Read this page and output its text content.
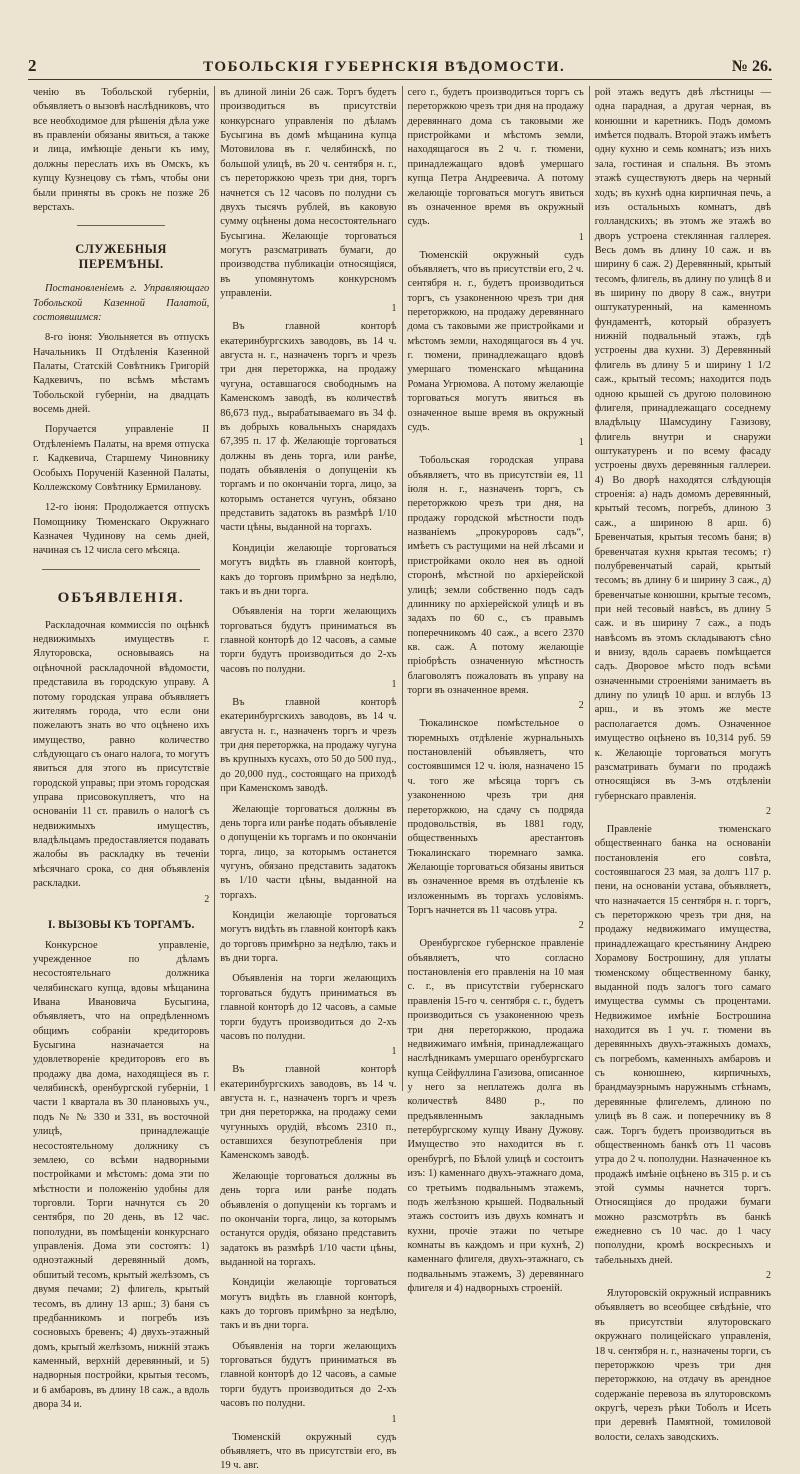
2	ТОБОЛЬСКІЯ ГУБЕРНСКІЯ ВѢДОМОСТИ.	№ 26.

ченію въ Тобольской губерніи, объявляетъ о вызовѣ наслѣдниковъ, что все необходимое для рѣшенія дѣла уже въ правленіи обязаны явиться, а также и лица, имѣющіе деньги къ иму, должны переслать ихъ въ Омскъ, къ купцу Кузнецову съ тѣмъ, чтобы они были приняты въ срокъ не позже 26 верстахъ.

СЛУЖЕБНЫЯ ПЕРЕМѢНЫ.

Постановленіемъ г. Управляющаго Тобольской Казенной Палатой, состоявшимся:

8-го іюня: Увольняется въ отпускъ Начальникъ II Отдѣленія Казенной Палаты, Статскій Совѣтникъ Григорій Кадкевичъ, по всѣмъ мѣстамъ Тобольской губерніи, на двадцать восемь дней.

Поручается управленіе II Отдѣленіемъ Палаты, на время отпуска г. Кадкевича, Старшему Чиновнику Особыхъ Порученій Казенной Палаты, Коллежскому Совѣтнику Ермиланову.

12-го іюня: Продолжается отпускъ Помощнику Тюменскаго Окружнаго Казначея Чудинову на семь дней, начиная съ 12 числа сего мѣсяца.

ОБЪЯВЛЕНІЯ.

Раскладочная коммиссія по оцѣнкѣ недвижимыхъ имуществъ г. Ялуторовска, основываясь на оцѣночной раскладочной вѣдомости, представила въ городскую управу. А потому городская управа объявляетъ жителямъ города, что если они пожелаютъ знать во что оцѣнено ихъ имущество, равно количество слѣдующаго съ онаго налога, то могутъ явиться для этого въ присутствіе городской управы; при этомъ городская управа присовокупляетъ, что на основаніи 11 ст. правилъ о налогѣ съ недвижимыхъ имуществъ, владѣльцамъ предоставляется подавать жалобы въ раскладку въ теченіи мѣсячнаго срока, со дня объявленія раскладки.

2
I. ВЫЗОВЫ КЪ ТОРГАМЪ.

Конкурсное управленіе, учрежденное по дѣламъ несостоятельнаго должника челябинскаго купца, вдовы мѣщанина Ивана Ивановича Бусыгина, объявляетъ, что на опредѣленномъ общимъ собраніи кредиторовъ Бусыгина назначается на удовлетвореніе кредиторовъ его въ продажу два дома, находящіеся въ г. челябинскѣ, оренбургской губерніи, 1 части 1 квартала въ 30 плановыхъ уч., подъ № № 330 и 331, въ восточной улицѣ, принадлежащіе несостоятельному должнику съ землею, со всѣми надворными постройками и мѣстомъ: дома эти по мѣстности и положенію удобны для торговли. Торги начнутся съ 20 сентября, по 20 день, въ 12 час. пополудни, въ помѣщеніи конкурснаго управленія. Дома эти состоятъ: 1) одноэтажный деревянный домъ, обшитый тесомъ, крытый желѣзомъ, съ двумя печами; 2) флигель, крытый тесомъ, въ длину 13 арш.; 3) баня съ предбанникомъ и погребъ изъ сосновыхъ бревенъ; 4) двухъ-этажный домъ, крытый желѣзомъ, нижній этажъ каменный, верхній деревянный, и 5) надворныя постройки, крытыя тесомъ, и 6 амбаровъ, въ длину 18 саж., а вдоль двора 34 и.

въ длиной линіи 26 саж. Торгъ будетъ производиться въ присутствіи конкурснаго управленія по дѣламъ Бусыгина въ домѣ мѣщанина купца Мотовилова въ г. челябинскѣ, по большой улицѣ, въ 20 ч. сентября н. г., съ переторжкою чрезъ три дня, торгъ начнется съ 12 часовъ по полудни съ двухъ тысячъ рублей, въ каковую сумму оцѣнены дома несостоятельнаго Бусыгина. Желающіе торговаться могутъ разсматривать бумаги, до производства публикаціи относящіяся, въ упомянутомъ конкурсномъ управленіи.

1

Въ главной конторѣ екатеринбургскихъ заводовъ, въ 14 ч. августа н. г., назначенъ торгъ и чрезъ три дня переторжка, на продажу чугуна, оставшагося свободнымъ на Каменскомъ заводѣ, въ количествѣ 86,673 пуд., вырабатываемаго въ 34 ф. въ добрыхъ ковальныхъ снарядахъ 67,395 п. 17 ф. Желающіе торговаться должны въ день торга, или ранѣе, подать объявленія о допущеніи къ торгамъ и по окончаніи торга, лицо, за которымъ останется чугунъ, обязано представить задатокъ въ размѣрѣ 1/10 части цѣны, выданной на торгахъ.

Кондиціи желающіе торговаться могутъ видѣть въ главной конторѣ, какъ до торговъ примѣрно за недѣлю, такъ и въ дни торга.

Объявленія на торги желающихъ торговаться будутъ приниматься въ главной конторѣ до 12 часовъ, а самые торги будутъ производиться до 2-хъ часовъ по полудни.

1

Въ главной конторѣ екатеринбургскихъ заводовъ, въ 14 ч. августа н. г., назначенъ торгъ и чрезъ три дня переторжка, на продажу чугуна въ крупныхъ кусахъ, ото 50 до 500 пуд., до 20,000 пуд., состоящаго на приходѣ при Каменскомъ заводѣ.

Желающіе торговаться должны въ день торга или ранѣе подать объявленіе о допущеніи къ торгамъ и по окончаніи торга, лицо, за которымъ останется чугунъ, обязано представить задатокъ въ 1/10 части цѣны, выданной на торгахъ.

Кондиціи желающіе торговаться могутъ видѣть въ главной конторѣ какъ до торговъ примѣрно за недѣлю, такъ и въ дни торга.

Объявленія на торги желающихъ торговаться будутъ приниматься въ главной конторѣ до 12 часовъ, а самые торги будутъ производиться до 2-хъ часовъ по полудни.

1

Въ главной конторѣ екатеринбургскихъ заводовъ, въ 14 ч. августа н. г., назначенъ торгъ и чрезъ три дня переторжка, на продажу семи чугунныхъ орудій, вѣсомъ 2310 п., оставшихся безупотребленія при Каменскомъ заводѣ.

Желающіе торговаться должны въ день торга или ранѣе подать объявленія о допущеніи къ торгамъ и по окончаніи торга, лицо, за которымъ останутся орудія, обязано представить задатокъ въ размѣрѣ 1/10 части цѣны, выданной на торгахъ.

Кондиціи желающіе торговаться могутъ видѣть въ главной конторѣ, какъ до торговъ примѣрно за недѣлю, такъ и въ дни торга.

Объявленія на торги желающихъ торговаться будутъ приниматься въ главной конторѣ до 12 часовъ, а самые торги будутъ производиться до 2-хъ часовъ по полудни.

1

Тюменскій окружный судъ объявляетъ, что въ присутствіи его, въ 19 ч. авг.

сего г., будетъ производиться торгъ съ переторжкою чрезъ три дня на продажу деревяннаго дома съ таковыми же пристройками и мѣстомъ земли, находящагося въ 2 ч. г. тюмени, принадлежащаго вдовѣ умершаго купца Петра Андреевича. А потому желающіе торговаться могутъ явиться въ означенное время въ окружный судъ.

1

Тюменскій окружный судъ объявляетъ, что въ присутствіи его, 2 ч. сентября н. г., будетъ производиться торгъ, съ узаконенною чрезъ три дня переторжкою, на продажу деревяннаго дома съ таковыми же пристройками и мѣстомъ земли, находящагося въ 4 уч. г. тюмени, принадлежащаго вдовѣ умершаго тюменскаго мѣщанина Романа Угрюмова. А потому желающіе торговаться могутъ явиться въ означенное выше время въ окружный судъ.

1

Тобольская городская управа объявляетъ, что въ присутствіи ея, 11 іюля н. г., назначенъ торгъ, съ переторжкою чрезъ три дня, на продажу городской мѣстности подъ названіемъ „прокуроровъ садъ“, имѣетъ съ растущими на ней лѣсами и пристройками около нея въ одной сторонѣ, мѣстной по архіерейской улицѣ; земли собственно подъ садъ длиннику по архіерейской улицѣ и въ задахъ по 60 с., съ правымъ поперечникомъ 40 саж., а всего 2370 кв. саж. А потому желающіе пріобрѣсть означенную мѣстность благоволятъ пожаловать въ управу на торги въ означенное время.

2

Тюкалинское помѣстельное о тюремныхъ отдѣленіе журнальныхъ постановленій объявляетъ, что состоявшимся 12 ч. іюля, назначено 15 ч. того же мѣсяца торгъ съ узаконенною чрезъ три дня переторжкою, на сдачу съ подряда продовольствія, въ 1881 году, общественныхъ арестантовъ Тюкалинскаго тюремнаго замка. Желающіе торговаться обязаны явиться въ означенное время въ отдѣленіе къ изложеннымъ въ торгахъ условіямъ. Торгъ начнется въ 11 часовъ утра.

2

Оренбургское губернское правленіе объявляетъ, что согласно постановленія его правленія на 10 мая с. г., въ присутствіи губернскаго правленія 15-го ч. сентября с. г., будетъ производиться съ узаконенною чрезъ три дня переторжкою, продажа недвижимаго имѣнія, принадлежащаго наслѣдникамъ умершаго оренбургскаго купца Сейфуллина Газизова, описанное у него за неплатежъ долга въ количествѣ 8480 р., по предъявленнымъ закладнымъ петербургскому купцу Ивану Дужову. Имущество это находится въ г. оренбургѣ, по Бѣлой улицѣ и состоитъ изъ: 1) каменнаго двухъ-этажнаго дома, со третьимъ подвальнымъ этажемъ, подъ желѣзною крышей. Подвальный этажъ состоитъ изъ двухъ комнатъ и кухни, прочіе этажи по четыре комнаты въ каждомъ и при кухнѣ, 2) каменнаго флигеля, двухъ-этажнаго, съ подвальнымъ этажемъ, 3) деревяннаго флигеля и 4) надворныхъ строеній.

рой этажъ ведутъ двѣ лѣстницы — одна парадная, а другая черная, въ конюшни и каретникъ. Подъ домомъ имѣется подвалъ. Второй этажъ имѣетъ одну кухню и семь комнатъ; изъ нихъ зала, гостиная и спальня. Въ этомъ этажѣ существуютъ дверь на черный ходъ; въ кухнѣ одна кирпичная печь, а изъ остальныхъ комнатъ, двѣ голландскихъ; въ этомъ же этажѣ во дворъ устроена стеклянная галлерея. Весь домъ въ длину 10 саж. и въ ширину 6 саж. 2) Деревянный, крытый тесомъ, флигель, въ длину по улицѣ 8 и въ ширину по двору 8 саж., внутри оштукатуренный, на каменномъ фундаментѣ, который образуетъ нижній подвальный этажъ, гдѣ устроены два кухни. 3) Деревянный флигель въ длину 5 и ширину 1 1/2 саж., крытый тесомъ; находится подъ одною крышей съ другою половиною флигеля, принадлежащаго соседнему владѣльцу Шамсудину Газизову, флигель внутри и снаружи оштукатуренъ и по всему фасаду устроены двухъ деревянныя галлереи. 4) Во дворѣ находятся слѣдующія строенія: а) надъ домомъ деревянный, крытый тесомъ, погребъ, длиною 3 саж., а шириною 8 арш. б) Бревенчатыя, крытыя тесомъ баня; в) бревенчатая кухня крытая тесомъ; г) полубревенчатый сарай, крытый тесомъ; въ длину 6 и ширину 3 саж., д) бревенчатые конюшни, крытые тесомъ, при ней тесовый навѣсъ, въ длину 5 саж. и въ ширину 7 саж., а подъ навѣсомъ въ этомъ складываютъ сѣно и внизу, вдоль сараевъ помѣщается садъ. Дворовое мѣсто подъ всѣми означенными строеніями занимаетъ въ длину по улицѣ 10 арш. и вглубь 13 арш., и въ этомъ же месте располагается домъ. Означенное имущество оцѣнено въ 10,314 руб. 59 к. Желающіе торговаться могутъ разсматривать бумаги по продажѣ относящіяся въ 3-мъ отдѣленіи губернскаго правленія.

2

Правленіе тюменскаго общественнаго банка на основаніи постановленія его совѣта, состоявшагося 23 мая, за долгъ 117 р. пени, на основаніи устава, объявляетъ, что назначается 15 сентября н. г. торгъ, съ переторжкою чрезъ три дня, на продажу недвижимаго имущества, принадлежащаго крестьянину Андрею Хорамову Бострошину, для уплаты тюменскому общественному банку, выданной подъ залогъ того самаго имущества суммы съ процентами. Недвижимое имѣніе Бострошина находится въ 1 уч. г. тюмени въ деревянныхъ двухъ-этажныхъ домахъ, съ погребомъ, каменныхъ амбаровъ и съ конюшнею, кирпичныхъ, брандмауэрнымъ наружнымъ стѣнамъ, деревянные флигелемъ, длиною по улицѣ въ 8 саж. и поперечнику въ 8 саж. Торгъ будетъ производиться въ общественномъ банкѣ отъ 11 часовъ утра до 2 ч. пополудни. Назначенное къ продажѣ имѣніе оцѣнено въ 315 р. и съ этой суммы начнется торгъ. Относящіяся до продажи бумаги можно разсмотрѣть въ банкѣ ежедневно съ 10 час. до 1 часу пополудни, кромѣ воскресныхъ и табельныхъ дней.

2

Ялуторовскій окружный исправникъ объявляетъ во всеобщее свѣдѣніе, что въ присутствіи ялуторовскаго окружнаго полицейскаго управленія, 18 ч. сентября н. г., назначены торги, съ переторжкою чрезъ три дня переторжкою, на отдачу въ арендное содержаніе перевоза въ ялуторовскомъ округѣ, черезъ рѣки Тоболъ и Исеть при деревнѣ Памятной, томиловой волости, селахъ заводскихъ.
